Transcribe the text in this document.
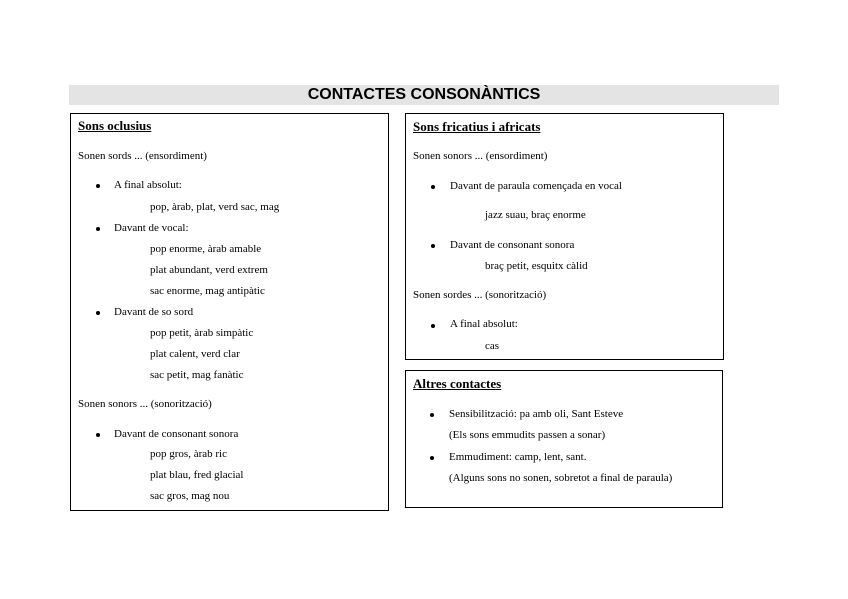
CONTACTES CONSONÀNTICS
Sons oclusius
Sonen sords ... (ensordiment)
A final absolut:
pop, àrab, plat, verd sac, mag
Davant de vocal:
pop enorme, àrab amable
plat abundant, verd extrem
sac enorme, mag antipàtic
Davant de so sord
pop petit, àrab simpàtic
plat calent, verd clar
sac petit, mag fanàtic
Sonen sonors ... (sonorització)
Davant de consonant sonora
pop gros, àrab ric
plat blau, fred glacial
sac gros, mag nou
Sons fricatius i africats
Sonen sonors ... (ensordiment)
Davant de paraula començada en vocal
jazz suau, braç enorme
Davant de consonant sonora
braç petit, esquitx càlid
Sonen sordes ... (sonorització)
A final absolut:
cas
Altres contactes
Sensibilització: pa amb oli, Sant Esteve
(Els sons emmudits passen a sonar)
Emmudiment: camp, lent, sant.
(Alguns sons no sonen, sobretot a final de paraula)
